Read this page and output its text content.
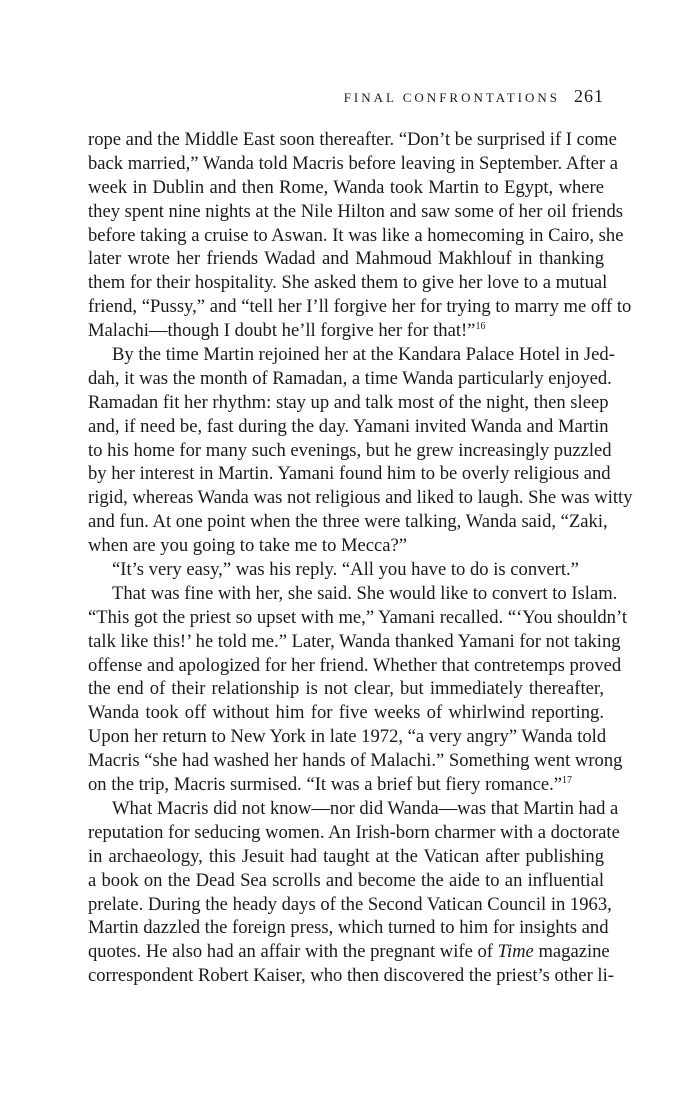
FINAL CONFRONTATIONS 261
rope and the Middle East soon thereafter. “Don’t be surprised if I come
back married,” Wanda told Macris before leaving in September. After a
week in Dublin and then Rome, Wanda took Martin to Egypt, where
they spent nine nights at the Nile Hilton and saw some of her oil friends
before taking a cruise to Aswan. It was like a homecoming in Cairo, she
later wrote her friends Wadad and Mahmoud Makhlouf in thanking
them for their hospitality. She asked them to give her love to a mutual
friend, “Pussy,” and “tell her I’ll forgive her for trying to marry me off to
Malachi—though I doubt he’ll forgive her for that!”$^{16}$
By the time Martin rejoined her at the Kandara Palace Hotel in Jed-
dah, it was the month of Ramadan, a time Wanda particularly enjoyed.
Ramadan fit her rhythm: stay up and talk most of the night, then sleep
and, if need be, fast during the day. Yamani invited Wanda and Martin
to his home for many such evenings, but he grew increasingly puzzled
by her interest in Martin. Yamani found him to be overly religious and
rigid, whereas Wanda was not religious and liked to laugh. She was witty
and fun. At one point when the three were talking, Wanda said, “Zaki,
when are you going to take me to Mecca?”
“It’s very easy,” was his reply. “All you have to do is convert.”
That was fine with her, she said. She would like to convert to Islam.
“This got the priest so upset with me,” Yamani recalled. “‘You shouldn’t
talk like this!’ he told me.” Later, Wanda thanked Yamani for not taking
offense and apologized for her friend. Whether that contretemps proved
the end of their relationship is not clear, but immediately thereafter,
Wanda took off without him for five weeks of whirlwind reporting.
Upon her return to New York in late 1972, “a very angry” Wanda told
Macris “she had washed her hands of Malachi.” Something went wrong
on the trip, Macris surmised. “It was a brief but fiery romance.”$^{17}$
What Macris did not know—nor did Wanda—was that Martin had a
reputation for seducing women. An Irish-born charmer with a doctorate
in archaeology, this Jesuit had taught at the Vatican after publishing
a book on the Dead Sea scrolls and become the aide to an influential
prelate. During the heady days of the Second Vatican Council in 1963,
Martin dazzled the foreign press, which turned to him for insights and
quotes. He also had an affair with the pregnant wife of Time magazine
correspondent Robert Kaiser, who then discovered the priest’s other li-
